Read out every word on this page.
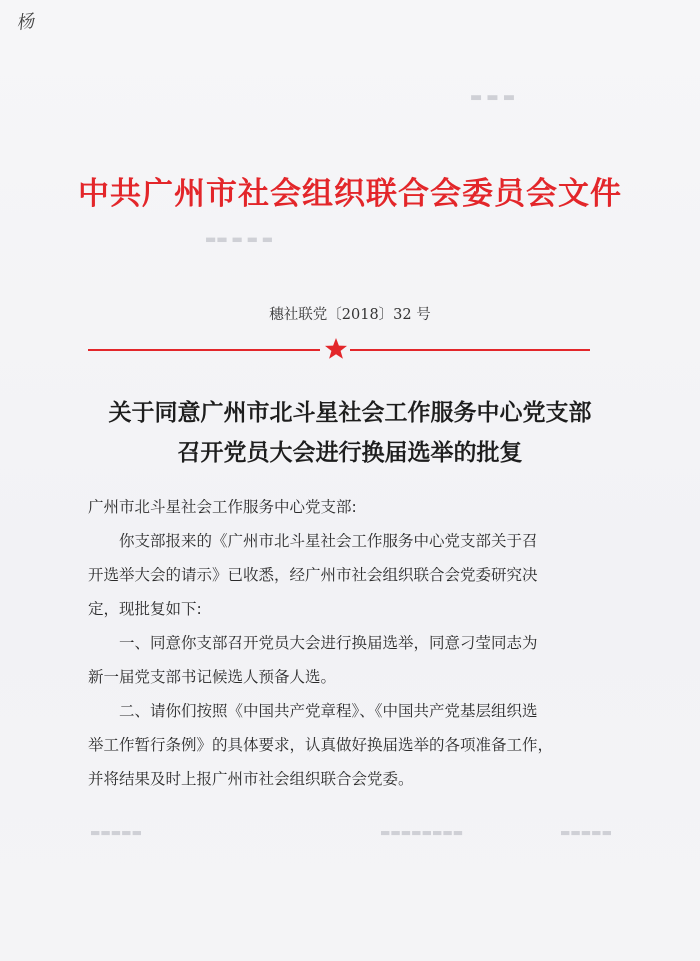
杨
▬ ▬ ▬
▬▬ ▬ ▬ ▬
▬▬▬▬▬	▬▬▬▬▬▬▬▬	▬▬▬▬▬
中共广州市社会组织联合会委员会文件
穗社联党〔2018〕32 号
关于同意广州市北斗星社会工作服务中心党支部
召开党员大会进行换届选举的批复
广州市北斗星社会工作服务中心党支部:
你支部报来的《广州市北斗星社会工作服务中心党支部关于召
开选举大会的请示》已收悉，经广州市社会组织联合会党委研究决
定，现批复如下:
一、同意你支部召开党员大会进行换届选举，同意刁莹同志为
新一届党支部书记候选人预备人选。
二、请你们按照《中国共产党章程》、《中国共产党基层组织选
举工作暂行条例》的具体要求，认真做好换届选举的各项准备工作，
并将结果及时上报广州市社会组织联合会党委。
